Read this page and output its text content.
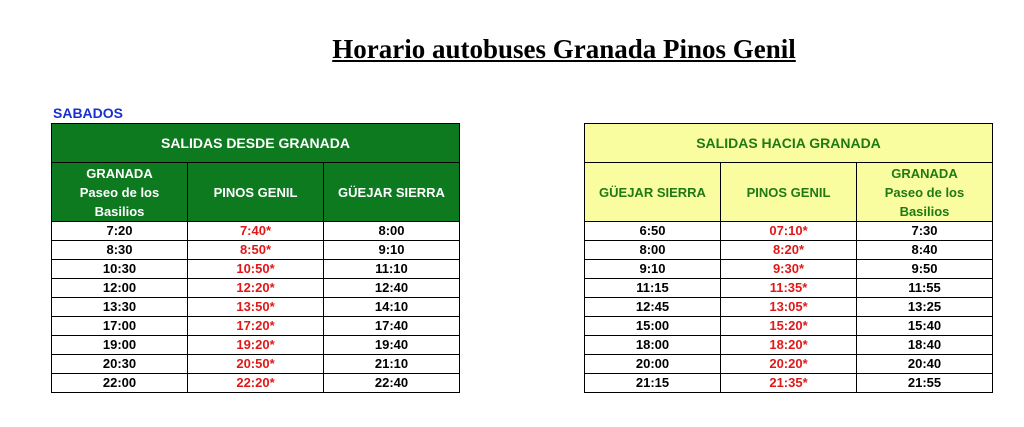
Horario autobuses Granada Pinos Genil
SABADOS
SALIDAS DESDE GRANADA		
GRANADA
Paseo de los
Basilios	PINOS GENIL	GÜEJAR SIERRA
7:20	7:40*	8:00
8:30	8:50*	9:10
10:30	10:50*	11:10
12:00	12:20*	12:40
13:30	13:50*	14:10
17:00	17:20*	17:40
19:00	19:20*	19:40
20:30	20:50*	21:10
22:00	22:20*	22:40
SALIDAS HACIA GRANADA		
GÜEJAR SIERRA	PINOS GENIL	GRANADA
Paseo de los
Basilios
6:50	07:10*	7:30
8:00	8:20*	8:40
9:10	9:30*	9:50
11:15	11:35*	11:55
12:45	13:05*	13:25
15:00	15:20*	15:40
18:00	18:20*	18:40
20:00	20:20*	20:40
21:15	21:35*	21:55
